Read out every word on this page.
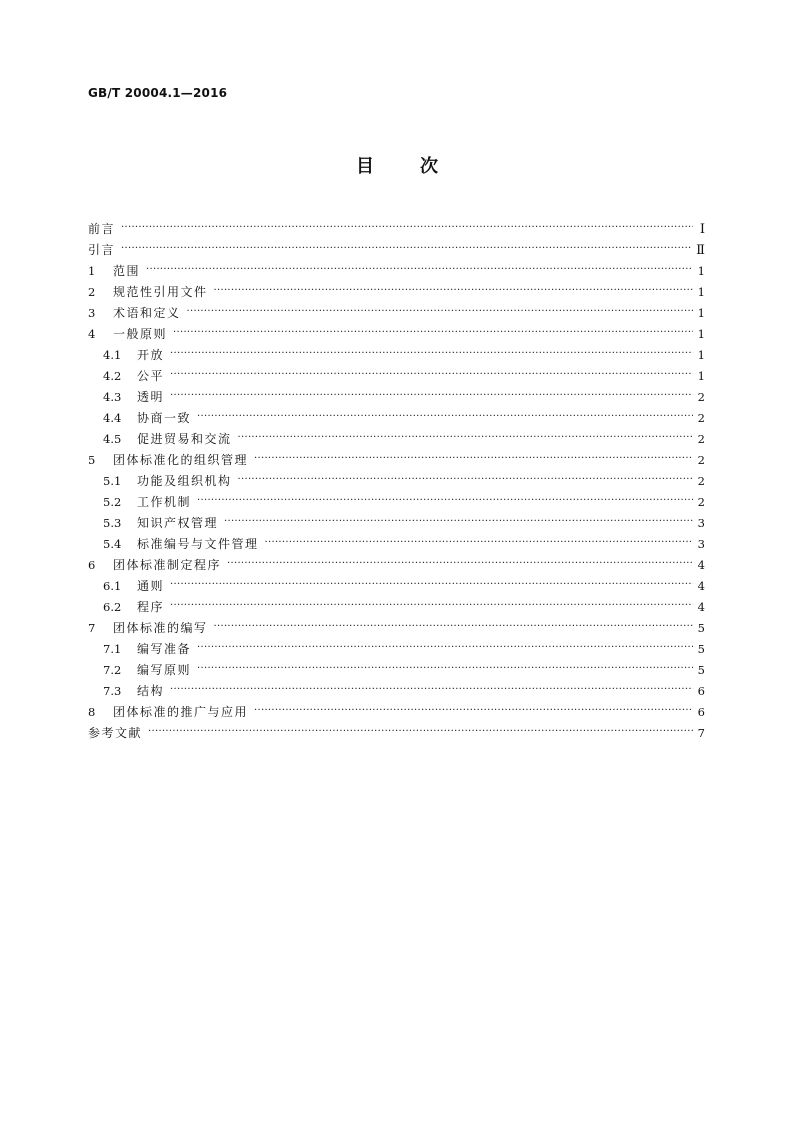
GB/T 20004.1—2016
目次
前言 ·····	Ⅰ
引言 ·····	Ⅱ
1	范围 ·····	1
2	规范性引用文件 ·····	1
3	术语和定义 ·····	1
4	一般原则 ·····	1
4.1	开放 ·····	1
4.2	公平 ·····	1
4.3	透明 ·····	2
4.4	协商一致 ·····	2
4.5	促进贸易和交流 ·····	2
5	团体标准化的组织管理 ·····	2
5.1	功能及组织机构 ·····	2
5.2	工作机制 ·····	2
5.3	知识产权管理 ·····	3
5.4	标准编号与文件管理 ·····	3
6	团体标准制定程序 ·····	4
6.1	通则 ·····	4
6.2	程序 ·····	4
7	团体标准的编写 ·····	5
7.1	编写准备 ·····	5
7.2	编写原则 ·····	5
7.3	结构 ·····	6
8	团体标准的推广与应用 ·····	6
参考文献 ·····	7
